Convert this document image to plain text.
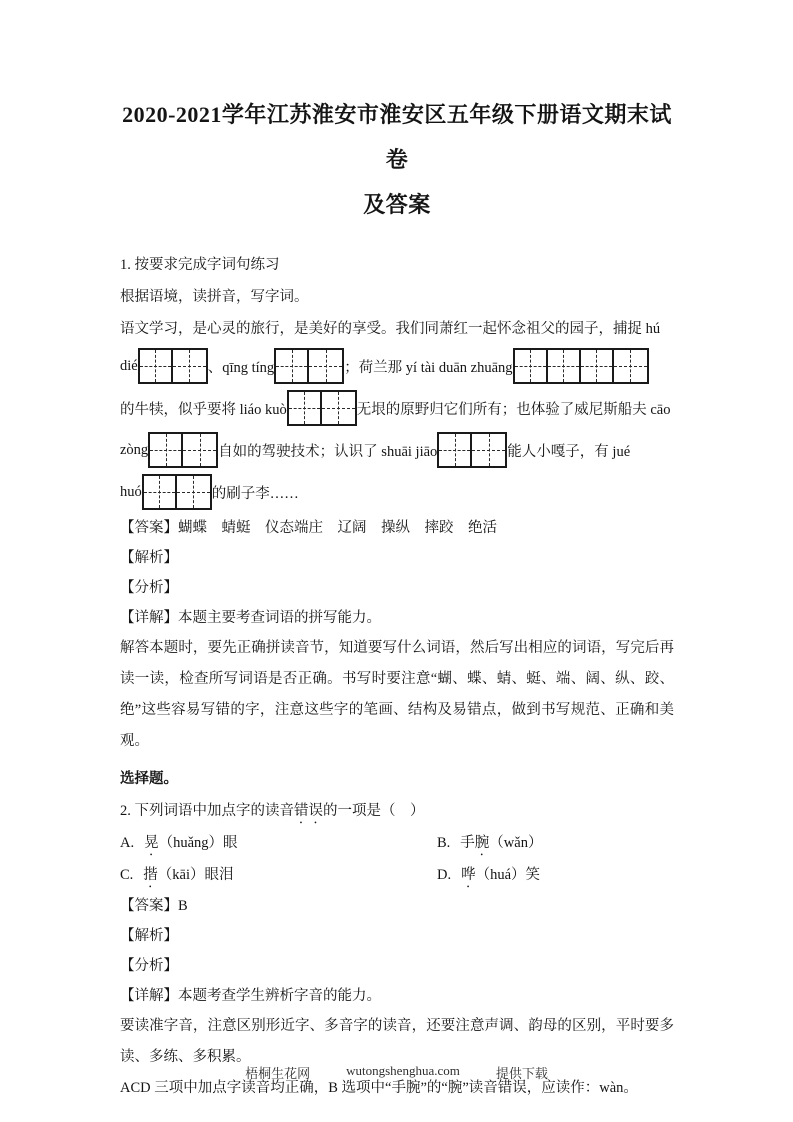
2020-2021学年江苏淮安市淮安区五年级下册语文期末试卷
及答案
1. 按要求完成字词句练习
根据语境，读拼音，写字词。
语文学习，是心灵的旅行，是美好的享受。我们同萧红一起怀念祖父的园子，捕捉 hú
dié	、qīng tíng	；荷兰那 yí tài duān zhuāng
的牛犊，似乎要将 liáo kuò	无垠的原野归它们所有；也体验了威尼斯船夫 cāo
zòng	自如的驾驶技术；认识了 shuāi jiāo	能人小嘎子，有 jué
huó	的刷子李……
【答案】蝴蝶　蜻蜓　仪态端庄　辽阔　操纵　摔跤　绝活
【解析】
【分析】
【详解】本题主要考查词语的拼写能力。
解答本题时，要先正确拼读音节，知道要写什么词语，然后写出相应的词语，写完后再读一读，检查所写词语是否正确。书写时要注意“蝴、蝶、蜻、蜓、端、阔、纵、跤、绝”这些容易写错的字，注意这些字的笔画、结构及易错点，做到书写规范、正确和美观。
选择题。
2. 下列词语中加点字的读音错误的一项是（　）
A. 晃（huǎng）眼	B. 手腕（wǎn）
C. 揩（kāi）眼泪	D. 哗（huá）笑
【答案】B
【解析】
【分析】
【详解】本题考查学生辨析字音的能力。
要读准字音，注意区别形近字、多音字的读音，还要注意声调、韵母的区别，平时要多读、多练、多积累。
ACD 三项中加点字读音均正确，B 选项中“手腕”的“腕”读音错误，应读作：wàn。
梧桐生花网	wutongshenghua.com	提供下载
